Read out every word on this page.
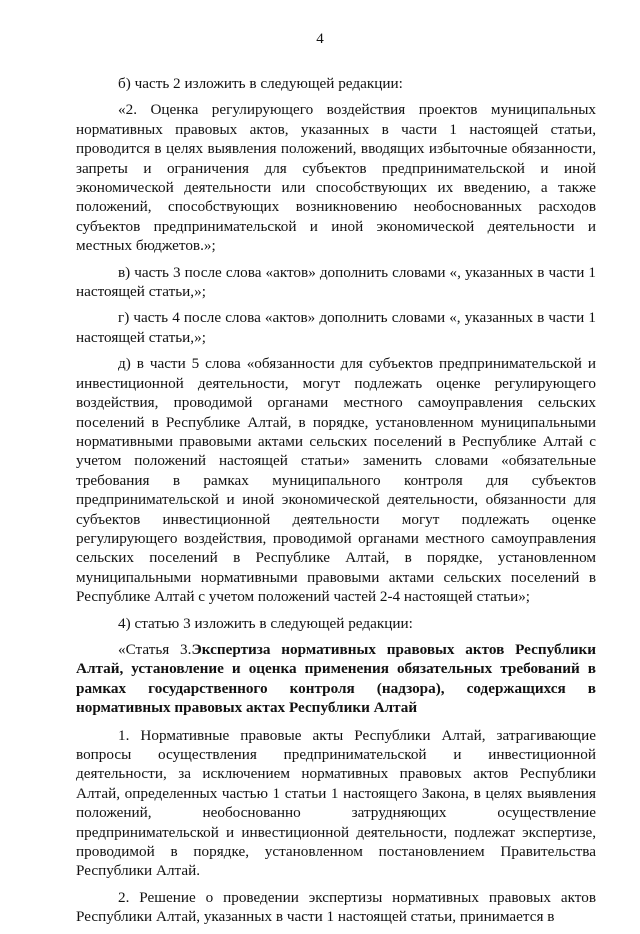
4

б) часть 2 изложить в следующей редакции:

«2. Оценка регулирующего воздействия проектов муниципальных нормативных правовых актов, указанных в части 1 настоящей статьи, проводится в целях выявления положений, вводящих избыточные обязанности, запреты и ограничения для субъектов предпринимательской и иной экономической деятельности или способствующих их введению, а также положений, способствующих возникновению необоснованных расходов субъектов предпринимательской и иной экономической деятельности и местных бюджетов.»;

в) часть 3 после слова «актов» дополнить словами «, указанных в части 1 настоящей статьи,»;

г) часть 4 после слова «актов» дополнить словами «, указанных в части 1 настоящей статьи,»;

д) в части 5 слова «обязанности для субъектов предпринимательской и инвестиционной деятельности, могут подлежать оценке регулирующего воздействия, проводимой органами местного самоуправления сельских поселений в Республике Алтай, в порядке, установленном муниципальными нормативными правовыми актами сельских поселений в Республике Алтай с учетом положений настоящей статьи» заменить словами «обязательные требования в рамках муниципального контроля для субъектов предпринимательской и иной экономической деятельности, обязанности для субъектов инвестиционной деятельности могут подлежать оценке регулирующего воздействия, проводимой органами местного самоуправления сельских поселений в Республике Алтай, в порядке, установленном муниципальными нормативными правовыми актами сельских поселений в Республике Алтай с учетом положений частей 2-4 настоящей статьи»;

4) статью 3 изложить в следующей редакции:

«Статья 3.Экспертиза нормативных правовых актов Республики Алтай, установление и оценка применения обязательных требований в рамках государственного контроля (надзора), содержащихся в нормативных правовых актах Республики Алтай

1. Нормативные правовые акты Республики Алтай, затрагивающие вопросы осуществления предпринимательской и инвестиционной деятельности, за исключением нормативных правовых актов Республики Алтай, определенных частью 1 статьи 1 настоящего Закона, в целях выявления положений, необоснованно затрудняющих осуществление предпринимательской и инвестиционной деятельности, подлежат экспертизе, проводимой в порядке, установленном постановлением Правительства Республики Алтай.

2. Решение о проведении экспертизы нормативных правовых актов Республики Алтай, указанных в части 1 настоящей статьи, принимается в
